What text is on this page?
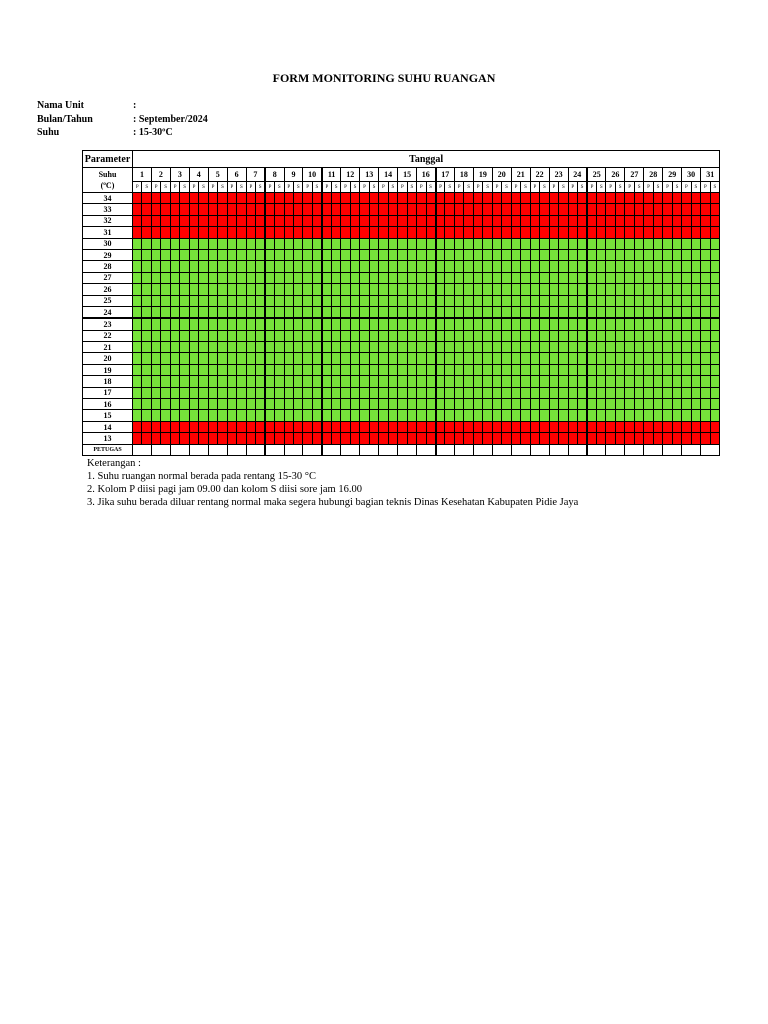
FORM MONITORING SUHU RUANGAN
Nama Unit	:
Bulan/Tahun	: September/2024
Suhu	: 15-30ºC
Parameter	Tanggal																																																													

Suhu
(ºC)	1		2		3		4		5		6		7		8		9		10		11		12		13		14		15		16		17		18		19		20		21		22		23		24		25		26		27		28		29		30		31	
	P	S	P	S	P	S	P	S	P	S	P	S	P	S	P	S	P	S	P	S	P	S	P	S	P	S	P	S	P	S	P	S	P	S	P	S	P	S	P	S	P	S	P	S	P	S	P	S	P	S	P	S	P	S	P	S	P	S	P	S	P	S
34																																																														
33																																																														
32																																																														
31																																																														
30																																																														
29																																																														
28																																																														
27																																																														
26																																																														
25																																																														
24																																																														
23																																																														
22																																																														
21																																																														
20																																																														
19																																																														
18																																																														
17																																																														
16																																																														
15																																																														
14																																																														
13																																																														
PETUGAS																																																														
Keterangan :
1. Suhu ruangan normal berada pada rentang 15-30 °C
2. Kolom P diisi pagi jam 09.00 dan kolom S diisi sore jam 16.00
3. Jika suhu berada diluar rentang normal maka segera hubungi bagian teknis Dinas Kesehatan Kabupaten Pidie Jaya
